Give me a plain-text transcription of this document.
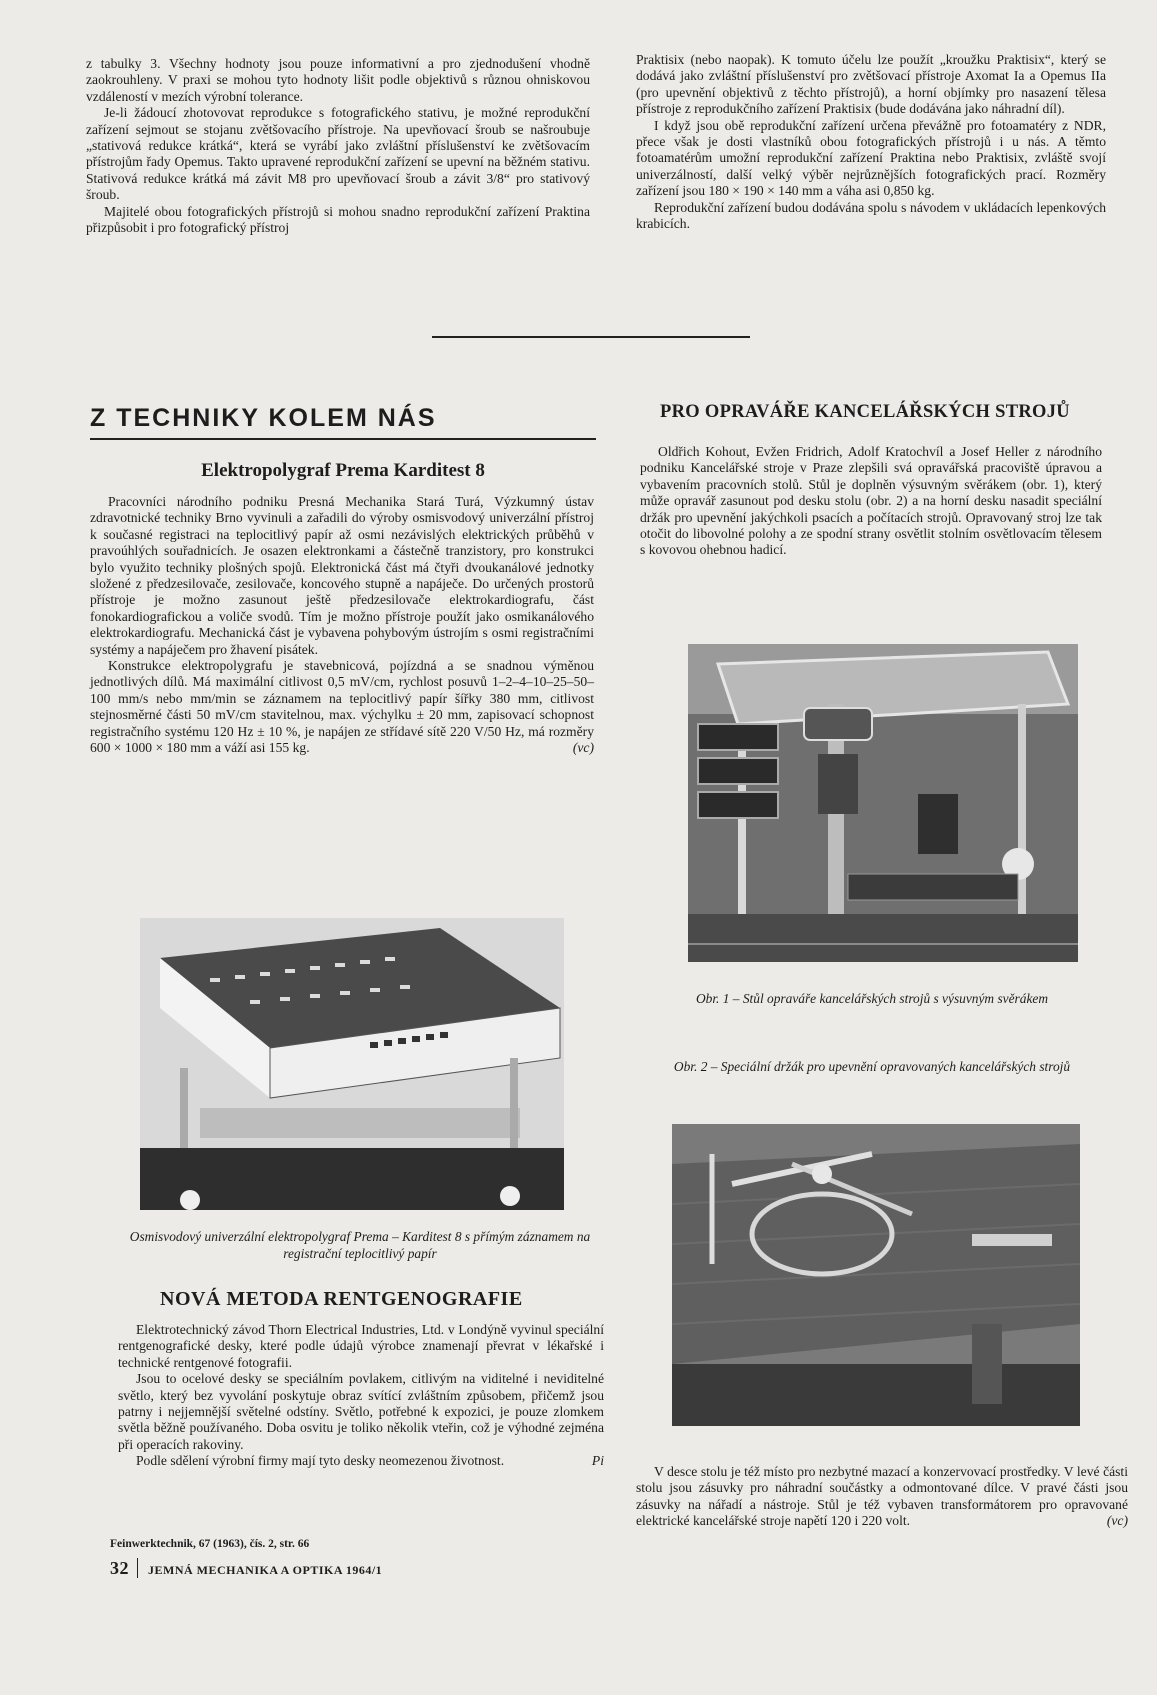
z tabulky 3. Všechny hodnoty jsou pouze informativní a pro zjednodušení vhodně zaokrouhleny. V praxi se mohou tyto hodnoty lišit podle objektivů s různou ohniskovou vzdáleností v mezích výrobní tolerance.

Je-li žádoucí zhotovovat reprodukce s fotografického stativu, je možné reprodukční zařízení sejmout se stojanu zvětšovacího přístroje. Na upevňovací šroub se našroubuje „stativová redukce krátká“, která se vyrábí jako zvláštní příslušenství ke zvětšovacím přístrojům řady Opemus. Takto upravené reprodukční zařízení se upevní na běžném stativu. Stativová redukce krátká má závit M8 pro upevňovací šroub a závit 3/8“ pro stativový šroub.

Majitelé obou fotografických přístrojů si mohou snadno reprodukční zařízení Praktina přizpůsobit i pro fotografický přístroj

Praktisix (nebo naopak). K tomuto účelu lze použít „kroužku Praktisix“, který se dodává jako zvláštní příslušenství pro zvětšovací přístroje Axomat Ia a Opemus IIa (pro upevnění objektivů z těchto přístrojů), a horní objímky pro nasazení tělesa přístroje z reprodukčního zařízení Praktisix (bude dodávána jako náhradní díl).

I když jsou obě reprodukční zařízení určena převážně pro fotoamatéry z NDR, přece však je dosti vlastníků obou fotografických přístrojů i u nás. A těmto fotoamatérům umožní reprodukční zařízení Praktina nebo Praktisix, zvláště svojí univerzálností, další velký výběr nejrůznějších fotografických prací. Rozměry zařízení jsou 180 × 190 × 140 mm a váha asi 0,850 kg.

Reprodukční zařízení budou dodávána spolu s návodem v ukládacích lepenkových krabicích.

Z TECHNIKY KOLEM NÁS
Elektropolygraf Prema Karditest 8

Pracovníci národního podniku Presná Mechanika Stará Turá, Výzkumný ústav zdravotnické techniky Brno vyvinuli a zařadili do výroby osmisvodový univerzální přístroj k současné registraci na teplocitlivý papír až osmi nezávislých elektrických průběhů v pravoúhlých souřadnicích. Je osazen elektronkami a částečně tranzistory, pro konstrukci bylo využito techniky plošných spojů. Elektronická část má čtyři dvoukanálové jednotky složené z předzesilovače, zesilovače, koncového stupně a napáječe. Do určených prostorů přístroje je možno zasunout ještě předzesilovače elektrokardiografu, část fonokardiografickou a voliče svodů. Tím je možno přístroje použít jako osmikanálového elektrokardiografu. Mechanická část je vybavena pohybovým ústrojím s osmi registračními systémy a napáječem pro žhavení pisátek.

Konstrukce elektropolygrafu je stavebnicová, pojízdná a se snadnou výměnou jednotlivých dílů. Má maximální citlivost 0,5 mV/cm, rychlost posuvů 1–2–4–10–25–50–100 mm/s nebo mm/min se záznamem na teplocitlivý papír šířky 380 mm, citlivost stejnosměrné části 50 mV/cm stavitelnou, max. výchylku ± 20 mm, zapisovací schopnost registračního systému 120 Hz ± 10 %, je napájen ze střídavé sítě 220 V/50 Hz, má rozměry 600 × 1000 × 180 mm a váží asi 155 kg.	(vc)

PRO OPRAVÁŘE KANCELÁŘSKÝCH STROJŮ

Oldřich Kohout, Evžen Fridrich, Adolf Kratochvíl a Josef Heller z národního podniku Kancelářské stroje v Praze zlepšili svá opravářská pracoviště úpravou a vybavením pracovních stolů. Stůl je doplněn výsuvným svěrákem (obr. 1), který může opravář zasunout pod desku stolu (obr. 2) a na horní desku nasadit speciální držák pro upevnění jakýchkoli psacích a počítacích strojů. Opravovaný stroj lze tak otočit do libovolné polohy a ze spodní strany osvětlit stolním osvětlovacím tělesem s kovovou ohebnou hadicí.

Obr. 1 – Stůl opraváře kancelářských strojů s výsuvným svěrákem
Obr. 2 – Speciální držák pro upevnění opravovaných kancelářských strojů
Osmisvodový univerzální elektropolygraf Prema – Karditest 8 s přímým záznamem na registrační teplocitlivý papír
NOVÁ METODA RENTGENOGRAFIE

Elektrotechnický závod Thorn Electrical Industries, Ltd. v Londýně vyvinul speciální rentgenografické desky, které podle údajů výrobce znamenají převrat v lékařské i technické rentgenové fotografii.

Jsou to ocelové desky se speciálním povlakem, citlivým na viditelné i neviditelné světlo, který bez vyvolání poskytuje obraz svítící zvláštním způsobem, přičemž jsou patrny i nejjemnější světelné odstíny. Světlo, potřebné k expozici, je pouze zlomkem světla běžně používaného. Doba osvitu je toliko několik vteřin, což je výhodné zejména při operacích rakoviny.

Podle sdělení výrobní firmy mají tyto desky neomezenou životnost.	Pi

Feinwerktechnik, 67 (1963), čís. 2, str. 66

V desce stolu je též místo pro nezbytné mazací a konzervovací prostředky. V levé části stolu jsou zásuvky pro náhradní součástky a odmontované dílce. V pravé části jsou zásuvky na nářadí a nástroje. Stůl je též vybaven transformátorem pro opravované elektrické kancelářské stroje napětí 120 i 220 volt.	(vc)

32 JEMNÁ MECHANIKA A OPTIKA 1964/1
